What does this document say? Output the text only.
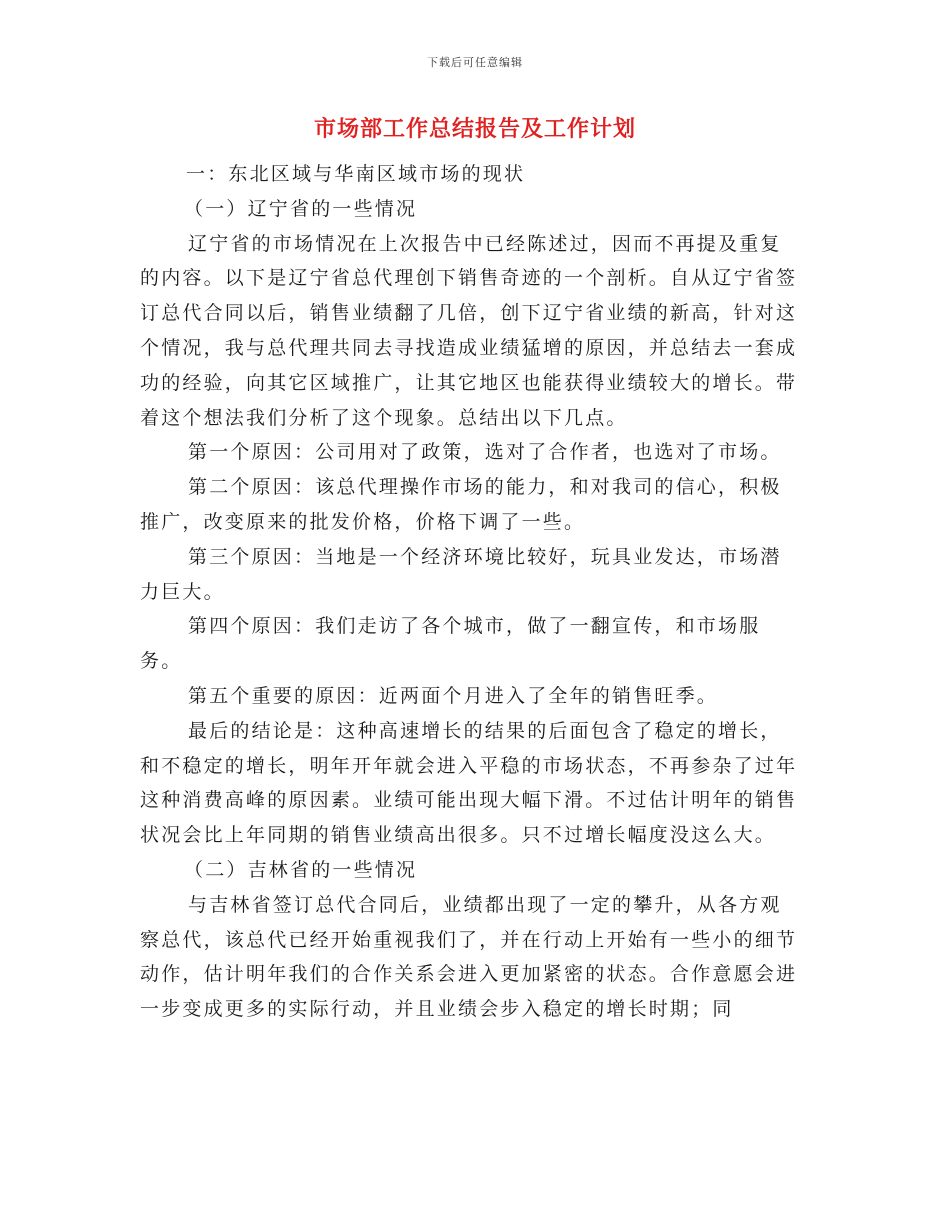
下载后可任意编辑
市场部工作总结报告及工作计划

一：东北区域与华南区域市场的现状

（一）辽宁省的一些情况

辽宁省的市场情况在上次报告中已经陈述过，因而不再提及重复的内容。以下是辽宁省总代理创下销售奇迹的一个剖析。自从辽宁省签订总代合同以后，销售业绩翻了几倍，创下辽宁省业绩的新高，针对这个情况，我与总代理共同去寻找造成业绩猛增的原因，并总结去一套成功的经验，向其它区域推广，让其它地区也能获得业绩较大的增长。带着这个想法我们分析了这个现象。总结出以下几点。

第一个原因：公司用对了政策，选对了合作者，也选对了市场。

第二个原因：该总代理操作市场的能力，和对我司的信心，积极推广，改变原来的批发价格，价格下调了一些。

第三个原因：当地是一个经济环境比较好，玩具业发达，市场潜力巨大。

第四个原因：我们走访了各个城市，做了一翻宣传，和市场服务。

第五个重要的原因：近两面个月进入了全年的销售旺季。

最后的结论是：这种高速增长的结果的后面包含了稳定的增长，和不稳定的增长，明年开年就会进入平稳的市场状态，不再参杂了过年这种消费高峰的原因素。业绩可能出现大幅下滑。不过估计明年的销售状况会比上年同期的销售业绩高出很多。只不过增长幅度没这么大。

（二）吉林省的一些情况

与吉林省签订总代合同后，业绩都出现了一定的攀升，从各方观察总代，该总代已经开始重视我们了，并在行动上开始有一些小的细节动作，估计明年我们的合作关系会进入更加紧密的状态。合作意愿会进一步变成更多的实际行动，并且业绩会步入稳定的增长时期；同
